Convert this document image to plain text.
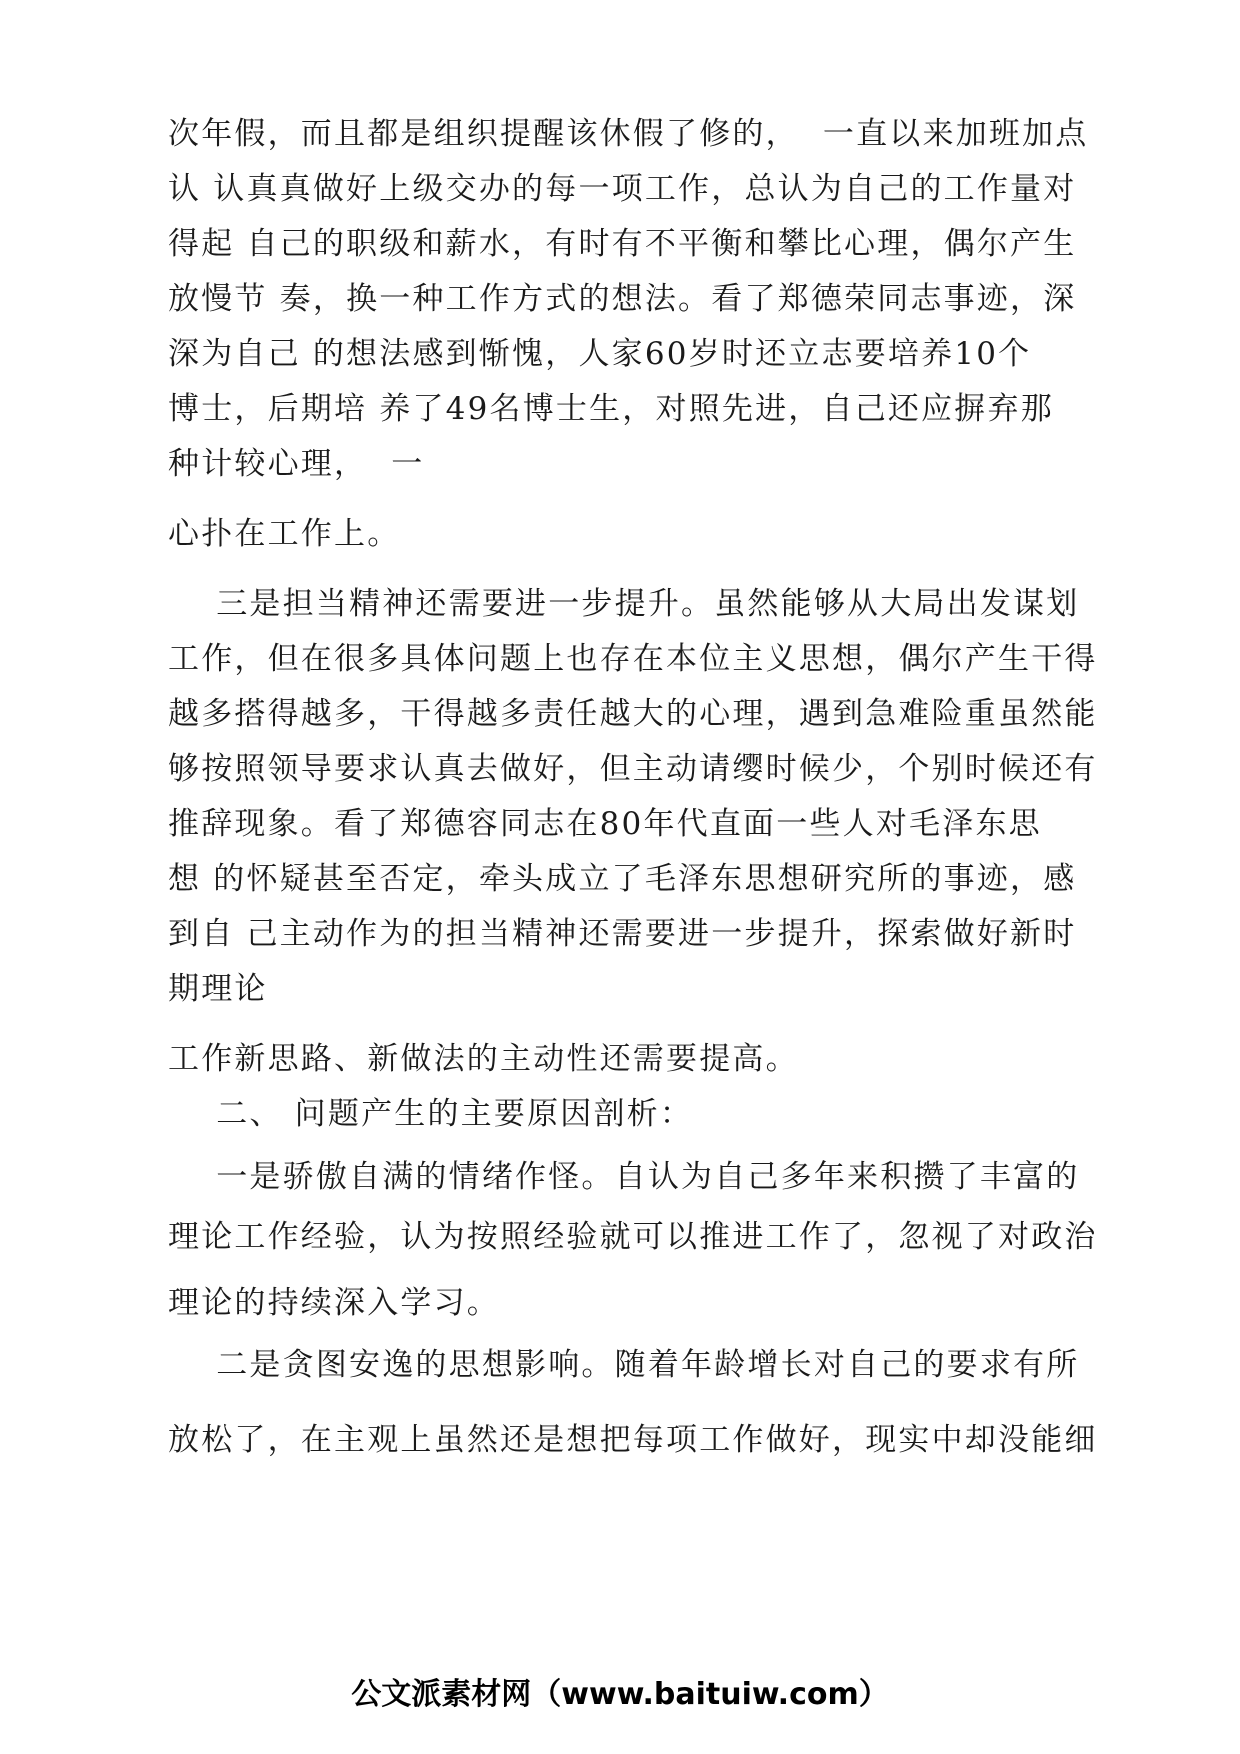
次年假，而且都是组织提醒该休假了修的，  一直以来加班加点
认 认真真做好上级交办的每一项工作，总认为自己的工作量对
得起 自己的职级和薪水，有时有不平衡和攀比心理，偶尔产生
放慢节 奏，换一种工作方式的想法。看了郑德荣同志事迹，深
深为自己 的想法感到惭愧，人家60岁时还立志要培养10个
博士，后期培 养了49名博士生，对照先进，自己还应摒弃那
种计较心理，  一
心扑在工作上。
三是担当精神还需要进一步提升。虽然能够从大局出发谋划
工作，但在很多具体问题上也存在本位主义思想，偶尔产生干得
越多搭得越多，干得越多责任越大的心理，遇到急难险重虽然能
够按照领导要求认真去做好，但主动请缨时候少，个别时候还有
推辞现象。看了郑德容同志在80年代直面一些人对毛泽东思
想 的怀疑甚至否定，牵头成立了毛泽东思想研究所的事迹，感
到自 己主动作为的担当精神还需要进一步提升，探索做好新时
期理论
工作新思路、新做法的主动性还需要提高。
二、 问题产生的主要原因剖析：
一是骄傲自满的情绪作怪。自认为自己多年来积攒了丰富的
理论工作经验，认为按照经验就可以推进工作了，忽视了对政治
理论的持续深入学习。
二是贪图安逸的思想影响。随着年龄增长对自己的要求有所
放松了，在主观上虽然还是想把每项工作做好，现实中却没能细
公文派素材网（www.baituiw.com）
